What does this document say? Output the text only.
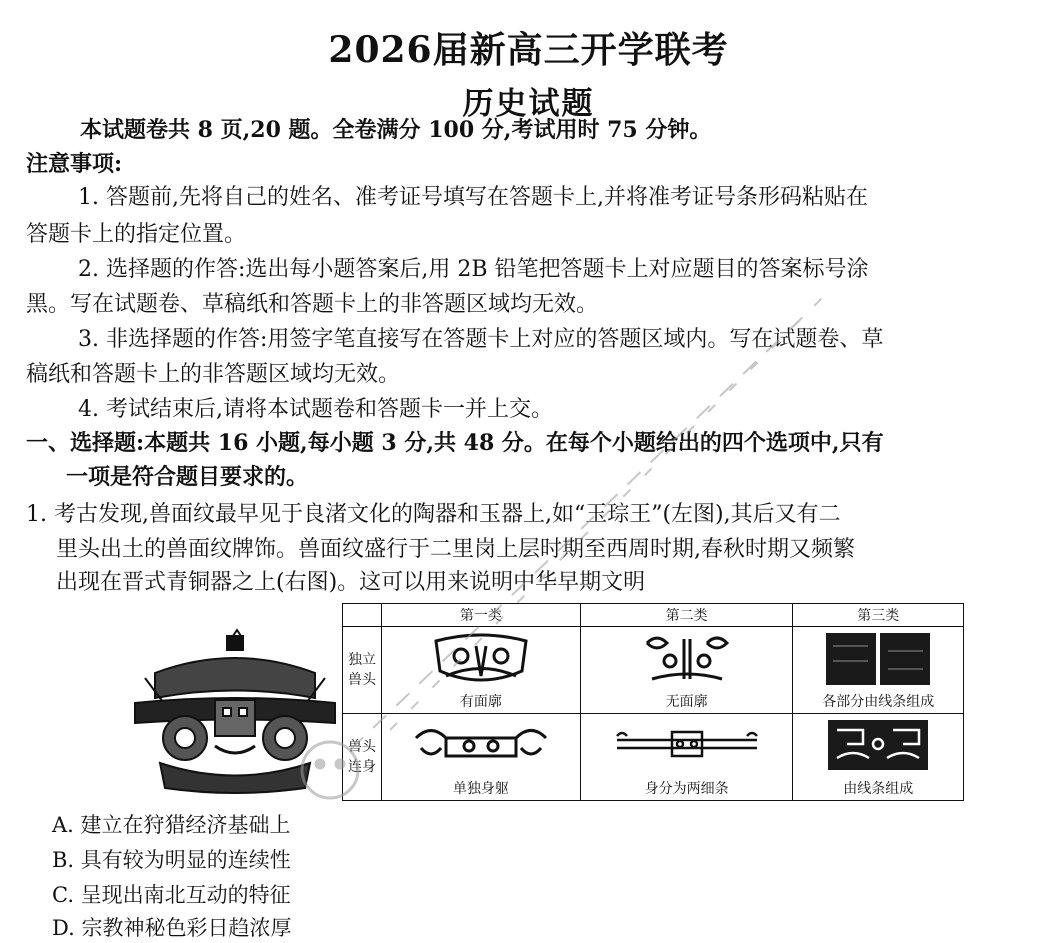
2026届新高三开学联考
历史试题
本试题卷共 8 页,20 题。全卷满分 100 分,考试用时 75 分钟。
注意事项:
1. 答题前,先将自己的姓名、准考证号填写在答题卡上,并将准考证号条形码粘贴在
答题卡上的指定位置。
2. 选择题的作答:选出每小题答案后,用 2B 铅笔把答题卡上对应题目的答案标号涂
黑。写在试题卷、草稿纸和答题卡上的非答题区域均无效。
3. 非选择题的作答:用签字笔直接写在答题卡上对应的答题区域内。写在试题卷、草
稿纸和答题卡上的非答题区域均无效。
4. 考试结束后,请将本试题卷和答题卡一并上交。
一、选择题:本题共 16 小题,每小题 3 分,共 48 分。在每个小题给出的四个选项中,只有
一项是符合题目要求的。
1. 考古发现,兽面纹最早见于良渚文化的陶器和玉器上,如“玉琮王”(左图),其后又有二
里头出土的兽面纹牌饰。兽面纹盛行于二里岗上层时期至西周时期,春秋时期又频繁
出现在晋式青铜器之上(右图)。这可以用来说明中华早期文明
	第一类	第二类	第三类

独立
兽头	有面廓	无面廓	各部分由线条组成

兽头
连身	单独身躯	身分为两细条	由线条组成
A. 建立在狩猎经济基础上
B. 具有较为明显的连续性
C. 呈现出南北互动的特征
D. 宗教神秘色彩日趋浓厚
